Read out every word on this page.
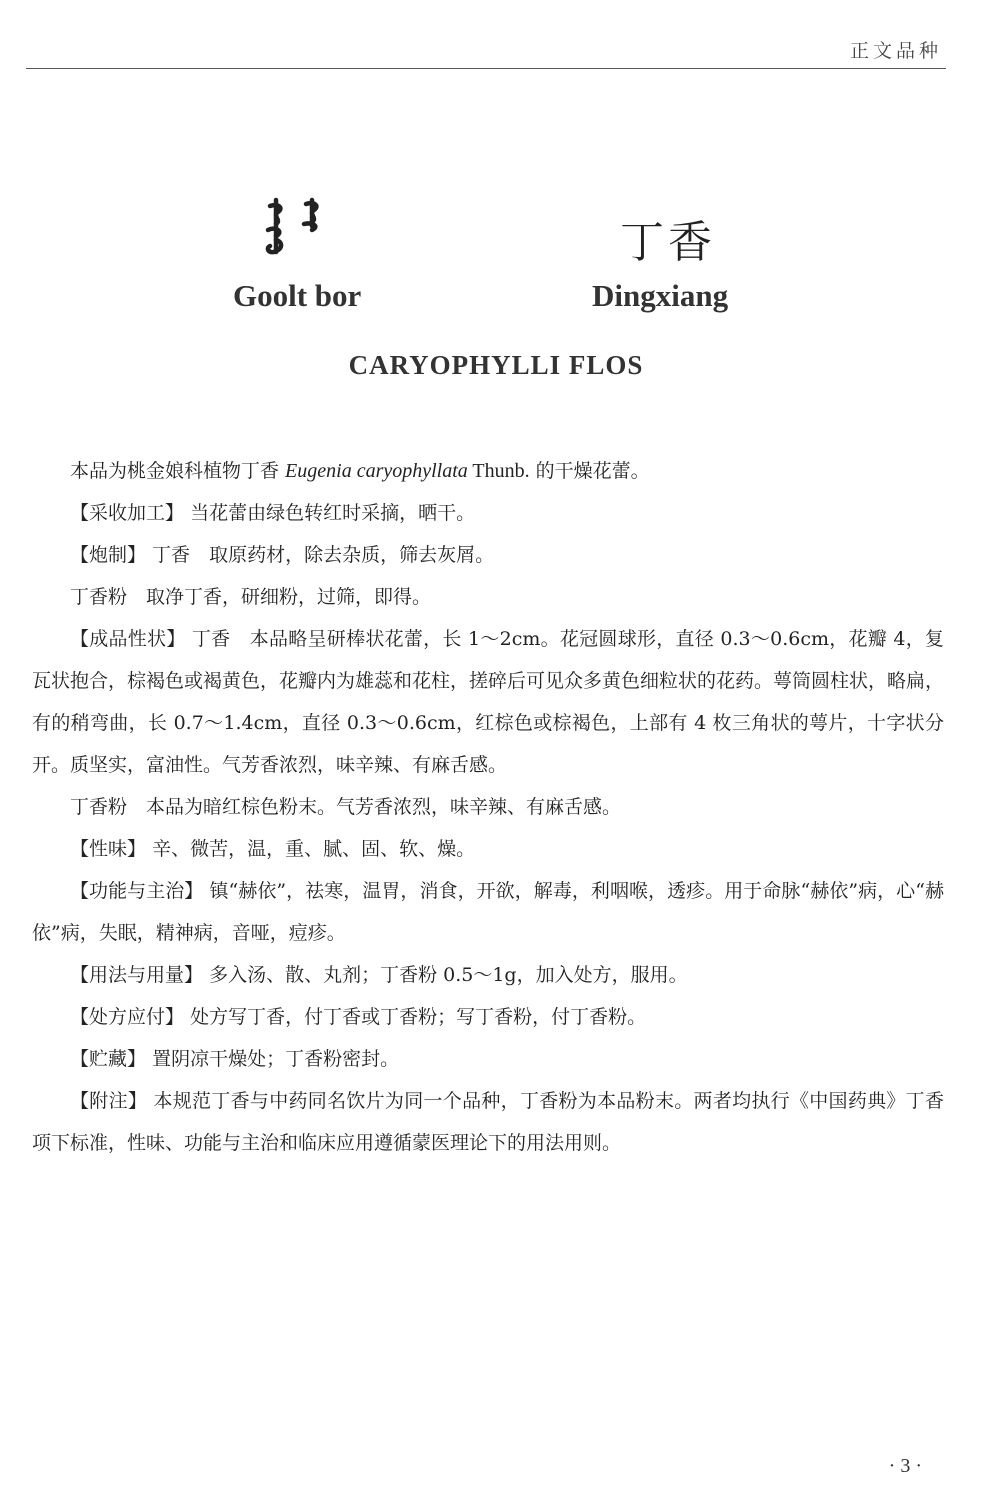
正文品种
丁香
Goolt bor	Dingxiang
CARYOPHYLLI FLOS

本品为桃金娘科植物丁香 Eugenia caryophyllata Thunb. 的干燥花蕾。

【采收加工】 当花蕾由绿色转红时采摘，晒干。

【炮制】 丁香　 取原药材，除去杂质，筛去灰屑。

丁香粉　 取净丁香，研细粉，过筛，即得。

【成品性状】 丁香　 本品略呈研棒状花蕾，长 1～2cm。花冠圆球形，直径 0.3～0.6cm，花瓣 4，复瓦状抱合，棕褐色或褐黄色，花瓣内为雄蕊和花柱，搓碎后可见众多黄色细粒状的花药。萼筒圆柱状，略扁，有的稍弯曲，长 0.7～1.4cm，直径 0.3～0.6cm，红棕色或棕褐色，上部有 4 枚三角状的萼片，十字状分开。质坚实，富油性。气芳香浓烈，味辛辣、有麻舌感。

丁香粉　 本品为暗红棕色粉末。气芳香浓烈，味辛辣、有麻舌感。

【性味】 辛、微苦，温，重、腻、固、软、燥。

【功能与主治】 镇“赫依”，祛寒，温胃，消食，开欲，解毒，利咽喉，透疹。用于命脉“赫依”病，心“赫依”病，失眠，精神病，音哑，痘疹。

【用法与用量】 多入汤、散、丸剂；丁香粉 0.5～1g，加入处方，服用。

【处方应付】 处方写丁香，付丁香或丁香粉；写丁香粉，付丁香粉。

【贮藏】 置阴凉干燥处；丁香粉密封。

【附注】 本规范丁香与中药同名饮片为同一个品种，丁香粉为本品粉末。两者均执行《中国药典》丁香项下标准，性味、功能与主治和临床应用遵循蒙医理论下的用法用则。

· 3 ·
